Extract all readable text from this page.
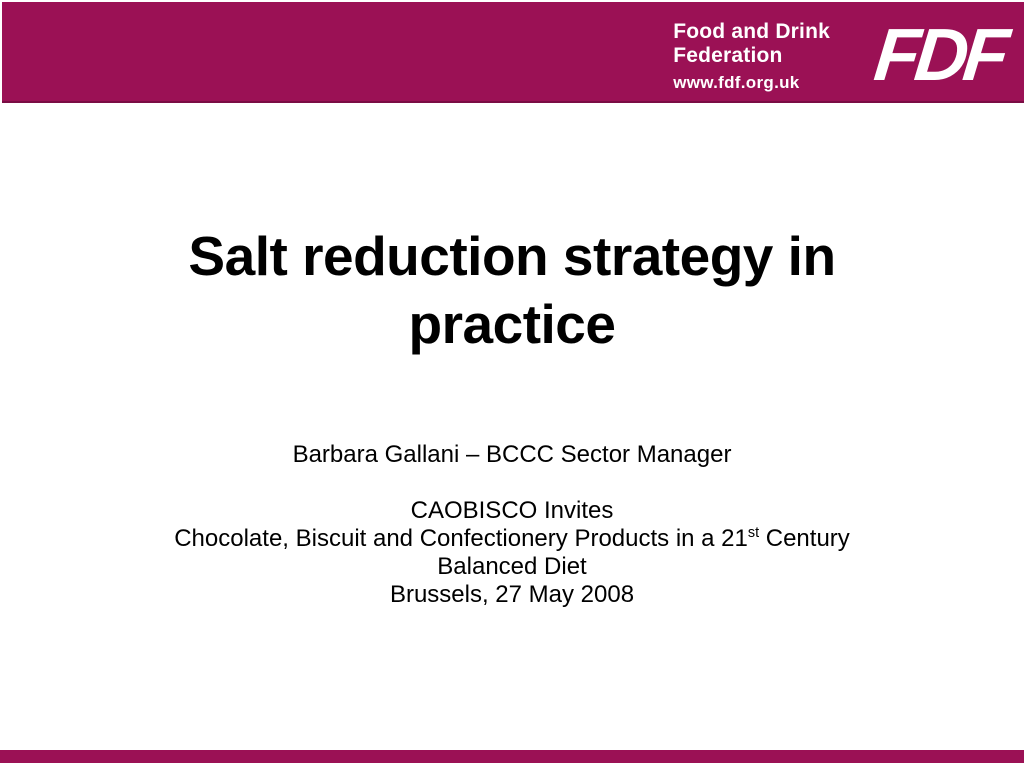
Food and Drink
Federation
www.fdf.org.uk FDF
Salt reduction strategy in
practice

Barbara Gallani – BCCC Sector Manager

CAOBISCO Invites

Chocolate, Biscuit and Confectionery Products in a 21st Century Balanced Diet

Brussels, 27 May 2008
